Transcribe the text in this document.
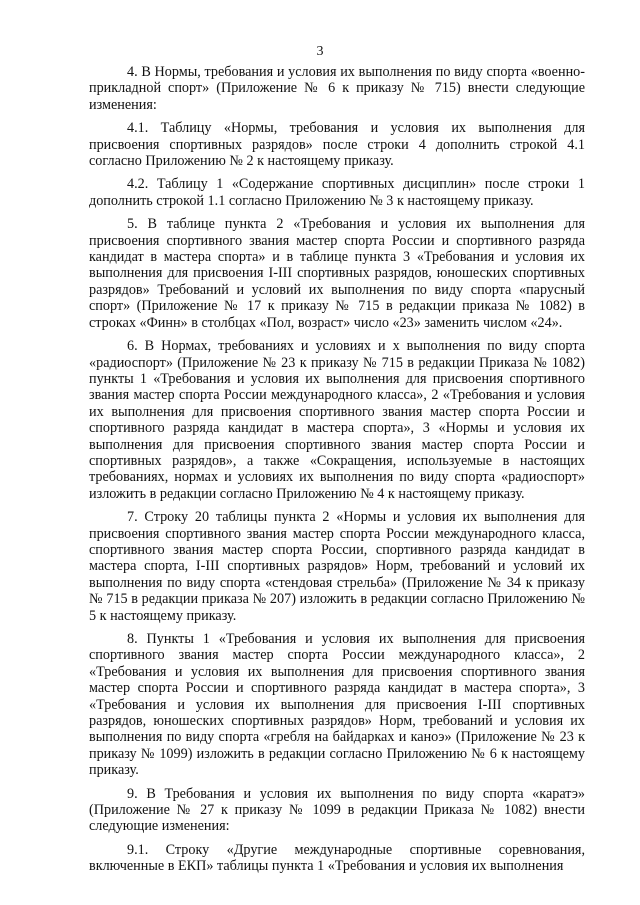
3

4. В Нормы, требования и условия их выполнения по виду спорта «военно-прикладной спорт» (Приложение № 6 к приказу № 715) внести следующие изменения:

4.1. Таблицу «Нормы, требования и условия их выполнения для присвоения спортивных разрядов» после строки 4 дополнить строкой 4.1 согласно Приложению № 2 к настоящему приказу.

4.2. Таблицу 1 «Содержание спортивных дисциплин» после строки 1 дополнить строкой 1.1 согласно Приложению № 3 к настоящему приказу.

5. В таблице пункта 2 «Требования и условия их выполнения для присвоения спортивного звания мастер спорта России и спортивного разряда кандидат в мастера спорта» и в таблице пункта 3 «Требования и условия их выполнения для присвоения I-III спортивных разрядов, юношеских спортивных разрядов» Требований и условий их выполнения по виду спорта «парусный спорт» (Приложение № 17 к приказу № 715 в редакции приказа № 1082) в строках «Финн» в столбцах «Пол, возраст» число «23» заменить числом «24».

6. В Нормах, требованиях и условиях и х выполнения по виду спорта «радиоспорт» (Приложение № 23 к приказу № 715 в редакции Приказа № 1082) пункты 1 «Требования и условия их выполнения для присвоения спортивного звания мастер спорта России международного класса», 2 «Требования и условия их выполнения для присвоения спортивного звания мастер спорта России и спортивного разряда кандидат в мастера спорта», 3 «Нормы и условия их выполнения для присвоения спортивного звания мастер спорта России и спортивных разрядов», а также «Сокращения, используемые в настоящих требованиях, нормах и условиях их выполнения по виду спорта «радиоспорт» изложить в редакции согласно Приложению № 4 к настоящему приказу.

7. Строку 20 таблицы пункта 2 «Нормы и условия их выполнения для присвоения спортивного звания мастер спорта России международного класса, спортивного звания мастер спорта России, спортивного разряда кандидат в мастера спорта, I-III спортивных разрядов» Норм, требований и условий их выполнения по виду спорта «стендовая стрельба» (Приложение № 34 к приказу № 715 в редакции приказа № 207) изложить в редакции согласно Приложению № 5 к настоящему приказу.

8. Пункты 1 «Требования и условия их выполнения для присвоения спортивного звания мастер спорта России международного класса», 2 «Требования и условия их выполнения для присвоения спортивного звания мастер спорта России и спортивного разряда кандидат в мастера спорта», 3 «Требования и условия их выполнения для присвоения I-III спортивных разрядов, юношеских спортивных разрядов» Норм, требований и условия их выполнения по виду спорта «гребля на байдарках и каноэ» (Приложение № 23 к приказу № 1099) изложить в редакции согласно Приложению № 6 к настоящему приказу.

9. В Требования и условия их выполнения по виду спорта «каратэ» (Приложение № 27 к приказу № 1099 в редакции Приказа № 1082) внести следующие изменения:

9.1. Строку «Другие международные спортивные соревнования, включенные в ЕКП» таблицы пункта 1 «Требования и условия их выполнения
